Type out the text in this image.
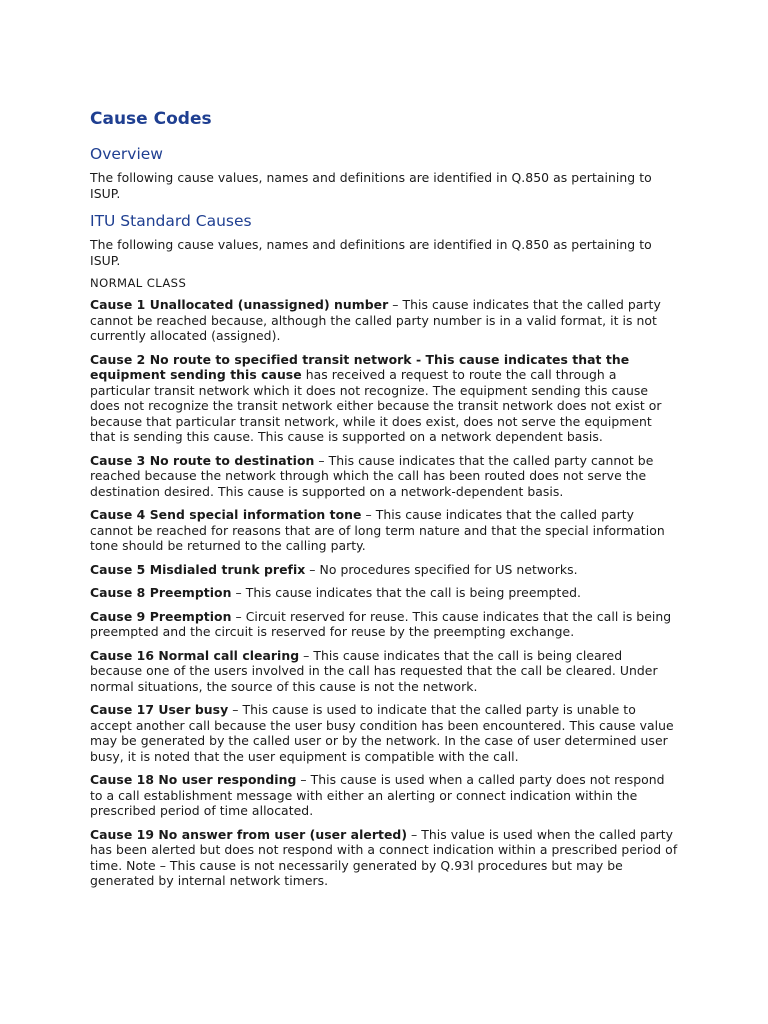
Cause Codes
Overview

The following cause values, names and definitions are identified in Q.850 as pertaining to ISUP.

ITU Standard Causes

The following cause values, names and definitions are identified in Q.850 as pertaining to ISUP.

NORMAL CLASS

Cause 1 Unallocated (unassigned) number – This cause indicates that the called party cannot be reached because, although the called party number is in a valid format, it is not currently allocated (assigned).

Cause 2 No route to specified transit network - This cause indicates that the equipment sending this cause has received a request to route the call through a particular transit network which it does not recognize. The equipment sending this cause does not recognize the transit network either because the transit network does not exist or because that particular transit network, while it does exist, does not serve the equipment that is sending this cause. This cause is supported on a network dependent basis.

Cause 3 No route to destination – This cause indicates that the called party cannot be reached because the network through which the call has been routed does not serve the destination desired. This cause is supported on a network-dependent basis.

Cause 4 Send special information tone – This cause indicates that the called party cannot be reached for reasons that are of long term nature and that the special information tone should be returned to the calling party.

Cause 5 Misdialed trunk prefix – No procedures specified for US networks.

Cause 8 Preemption – This cause indicates that the call is being preempted.

Cause 9 Preemption – Circuit reserved for reuse. This cause indicates that the call is being preempted and the circuit is reserved for reuse by the preempting exchange.

Cause 16 Normal call clearing – This cause indicates that the call is being cleared because one of the users involved in the call has requested that the call be cleared. Under normal situations, the source of this cause is not the network.

Cause 17 User busy – This cause is used to indicate that the called party is unable to accept another call because the user busy condition has been encountered. This cause value may be generated by the called user or by the network. In the case of user determined user busy, it is noted that the user equipment is compatible with the call.

Cause 18 No user responding – This cause is used when a called party does not respond to a call establishment message with either an alerting or connect indication within the prescribed period of time allocated.

Cause 19 No answer from user (user alerted) – This value is used when the called party has been alerted but does not respond with a connect indication within a prescribed period of time. Note – This cause is not necessarily generated by Q.93l procedures but may be generated by internal network timers.
